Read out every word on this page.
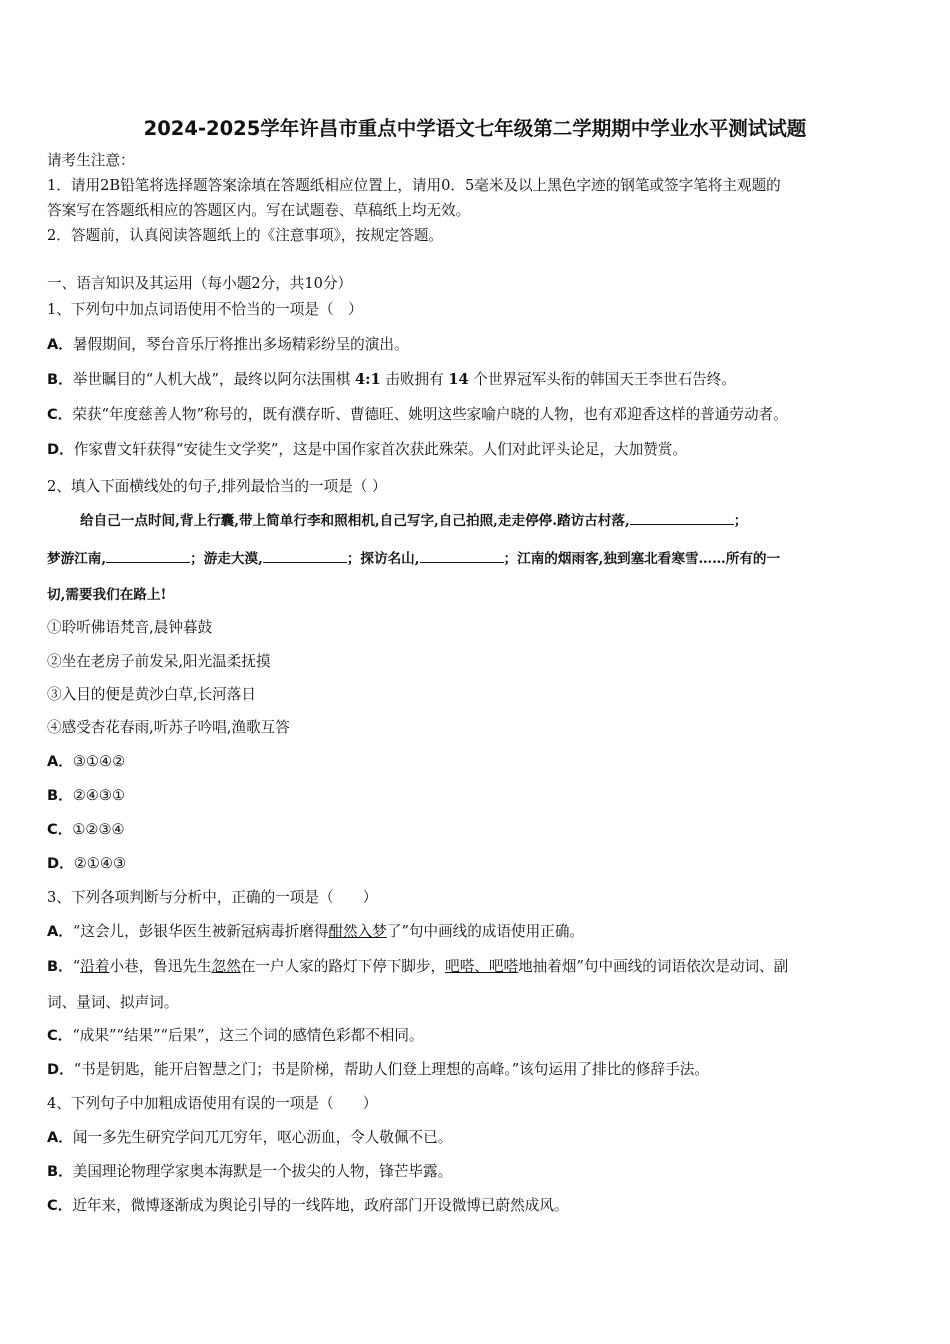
2024-2025学年许昌市重点中学语文七年级第二学期期中学业水平测试试题
请考生注意：
1．请用2B铅笔将选择题答案涂填在答题纸相应位置上，请用0．5毫米及以上黑色字迹的钢笔或签字笔将主观题的
答案写在答题纸相应的答题区内。写在试题卷、草稿纸上均无效。
2．答题前，认真阅读答题纸上的《注意事项》，按规定答题。
一、语言知识及其运用（每小题2分，共10分）
1、下列句中加点词语使用不恰当的一项是（　）
A．暑假期间，琴台音乐厅将推出多场精彩纷呈的演出。
B．举世瞩目的“人机大战”，最终以阿尔法围棋 4:1 击败拥有 14 个世界冠军头衔的韩国天王李世石告终。
C．荣获“年度慈善人物”称号的，既有濮存昕、曹德旺、姚明这些家喻户晓的人物，也有邓迎香这样的普通劳动者。
D．作家曹文轩获得“安徒生文学奖”，这是中国作家首次获此殊荣。人们对此评头论足，大加赞赏。
2、填入下面横线处的句子,排列最恰当的一项是（ ）
给自己一点时间,背上行囊,带上简单行李和照相机,自己写字,自己拍照,走走停停.踏访古村落,	；
梦游江南,	；游走大漠,	；探访名山,	；江南的烟雨客,独到塞北看寒雪……所有的一
切,需要我们在路上!
①聆听佛语梵音,晨钟暮鼓
②坐在老房子前发呆,阳光温柔抚摸
③入目的便是黄沙白草,长河落日
④感受杏花春雨,听苏子吟唱,渔歌互答
A．③①④②
B．②④③①
C．①②③④
D．②①④③
3、下列各项判断与分析中，正确的一项是（　　）
A．“这会儿，彭银华医生被新冠病毒折磨得酣然入梦了”句中画线的成语使用正确。
B．“沿着小巷，鲁迅先生忽然在一户人家的路灯下停下脚步，吧嗒、吧嗒地抽着烟”句中画线的词语依次是动词、副
词、量词、拟声词。
C．“成果”“结果”“后果”，这三个词的感情色彩都不相同。
D．“书是钥匙，能开启智慧之门；书是阶梯，帮助人们登上理想的高峰。”该句运用了排比的修辞手法。
4、下列句子中加粗成语使用有误的一项是（　　）
A．闻一多先生研究学问兀兀穷年，呕心沥血，令人敬佩不已。
B．美国理论物理学家奥本海默是一个拔尖的人物，锋芒毕露。
C．近年来，微博逐渐成为舆论引导的一线阵地，政府部门开设微博已蔚然成风。
